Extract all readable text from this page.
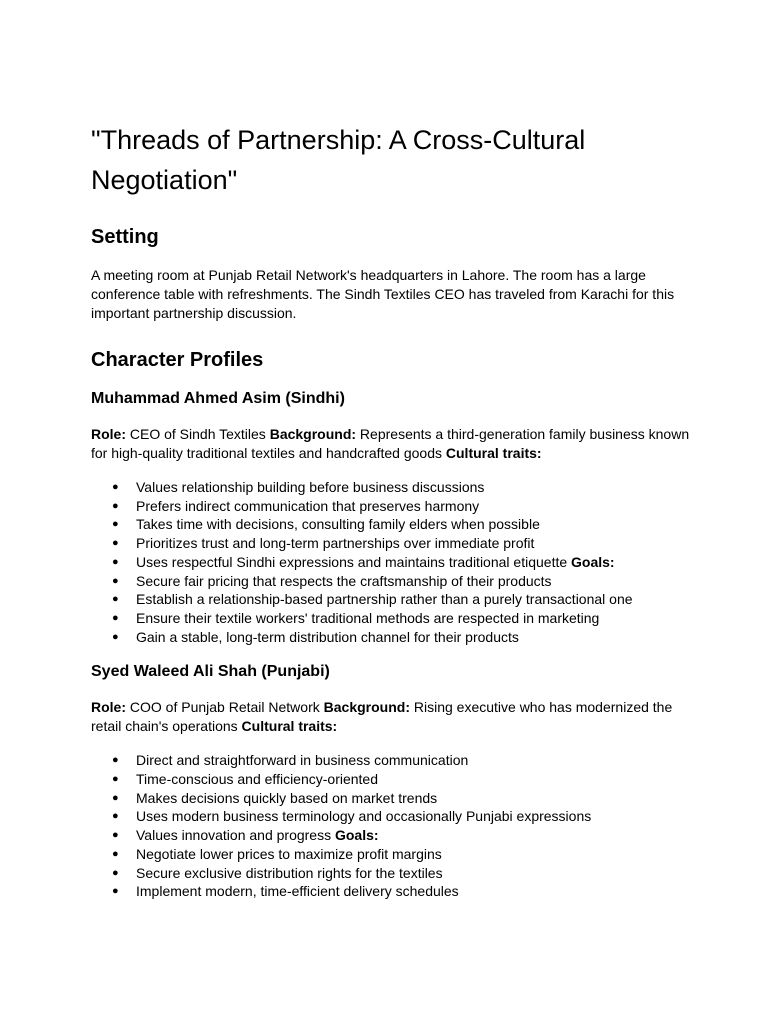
"Threads of Partnership: A Cross-Cultural
Negotiation"
Setting

A meeting room at Punjab Retail Network's headquarters in Lahore. The room has a large conference table with refreshments. The Sindh Textiles CEO has traveled from Karachi for this important partnership discussion.

Character Profiles
Muhammad Ahmed Asim (Sindhi)

Role: CEO of Sindh Textiles Background: Represents a third-generation family business known for high-quality traditional textiles and handcrafted goods Cultural traits:

● Values relationship building before business discussions
● Prefers indirect communication that preserves harmony
● Takes time with decisions, consulting family elders when possible
● Prioritizes trust and long-term partnerships over immediate profit
● Uses respectful Sindhi expressions and maintains traditional etiquette Goals:
● Secure fair pricing that respects the craftsmanship of their products
● Establish a relationship-based partnership rather than a purely transactional one
● Ensure their textile workers' traditional methods are respected in marketing
● Gain a stable, long-term distribution channel for their products
Syed Waleed Ali Shah (Punjabi)

Role: COO of Punjab Retail Network Background: Rising executive who has modernized the retail chain's operations Cultural traits:

● Direct and straightforward in business communication
● Time-conscious and efficiency-oriented
● Makes decisions quickly based on market trends
● Uses modern business terminology and occasionally Punjabi expressions
● Values innovation and progress Goals:
● Negotiate lower prices to maximize profit margins
● Secure exclusive distribution rights for the textiles
● Implement modern, time-efficient delivery schedules
